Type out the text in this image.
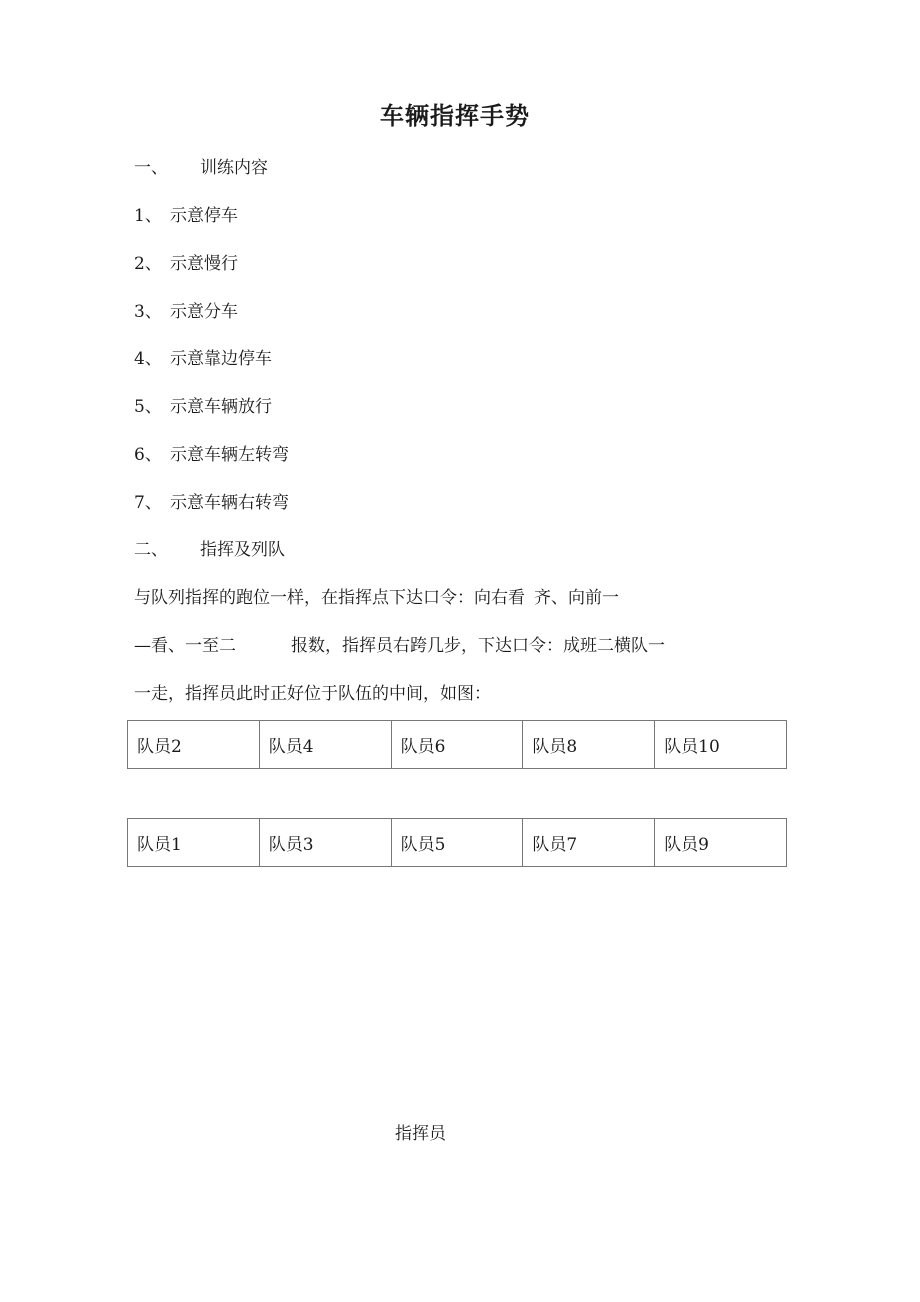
车辆指挥手势
一、 训练内容
1、 示意停车
2、 示意慢行
3、 示意分车
4、 示意靠边停车
5、 示意车辆放行
6、 示意车辆左转弯
7、 示意车辆右转弯
二、 指挥及列队
与队列指挥的跑位一样，在指挥点下达口令：向右看 齐、向前一
—看、一至二	报数，指挥员右跨几步，下达口令：成班二横队一
一走，指挥员此时正好位于队伍的中间，如图：
队员2	队员4	队员6	队员8	队员10
队员1	队员3	队员5	队员7	队员9
指挥员
